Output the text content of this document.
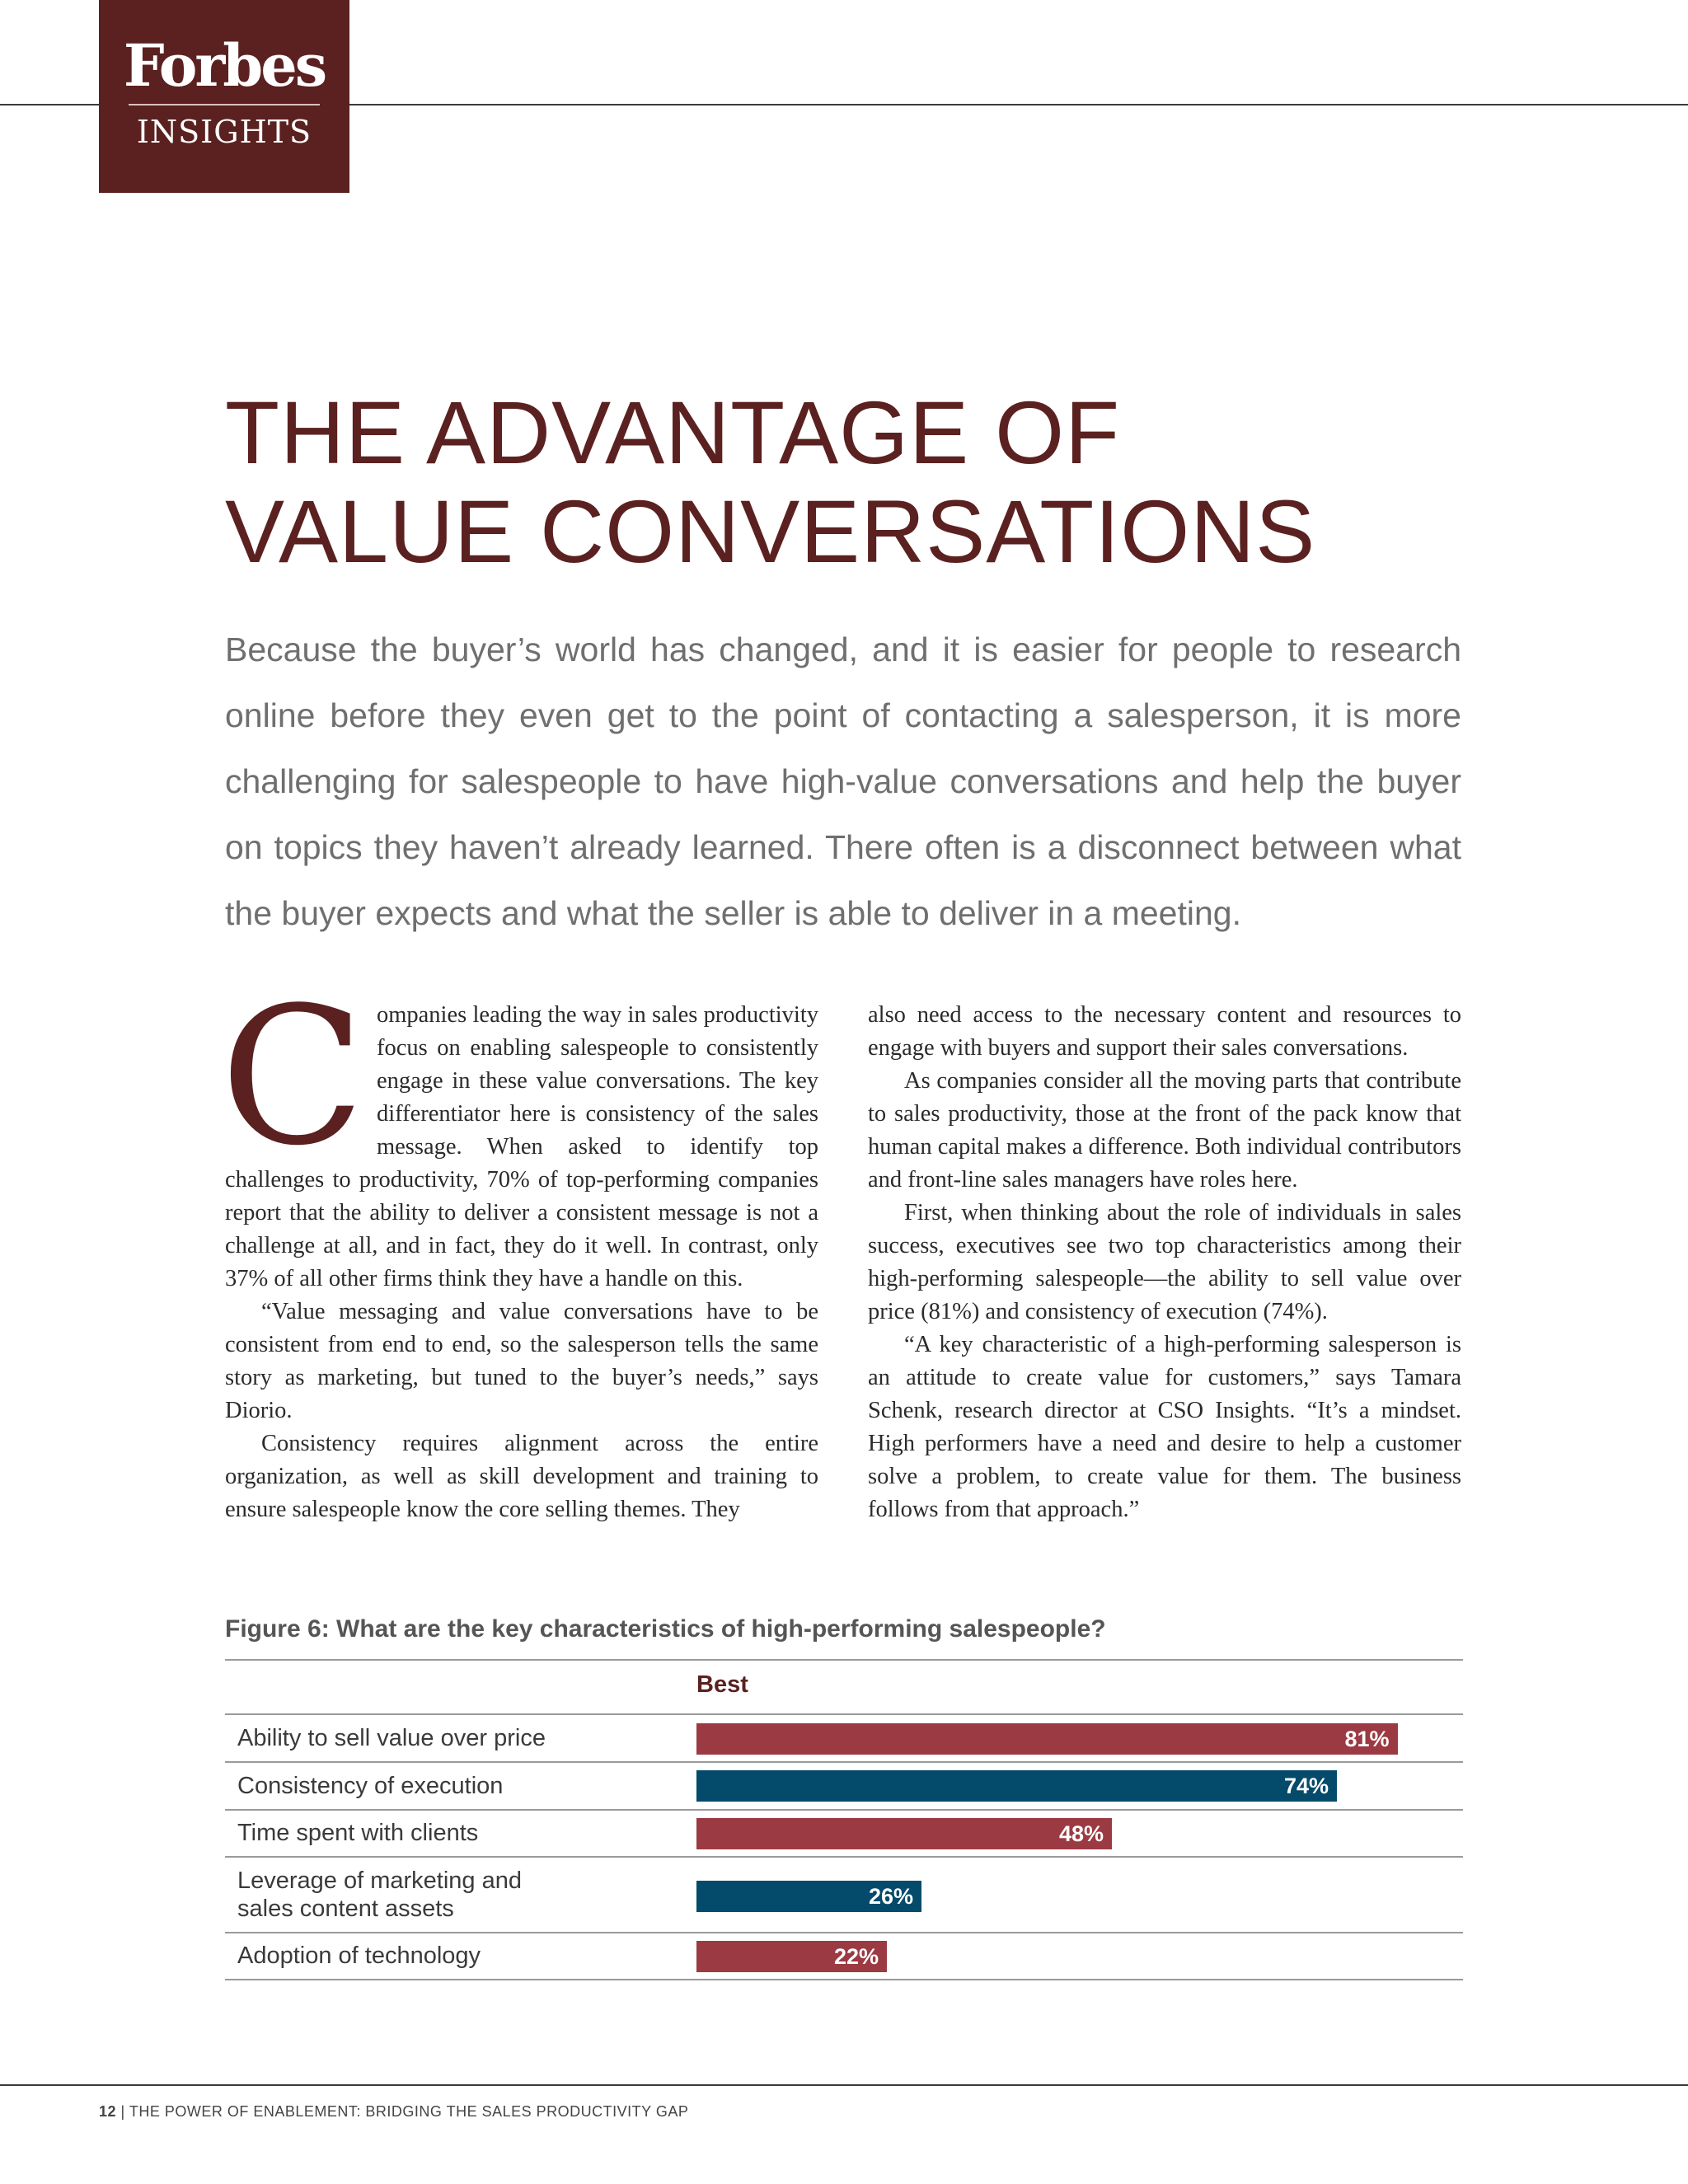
Forbes
INSIGHTS
THE ADVANTAGE OF
VALUE CONVERSATIONS

Because the buyer’s world has changed, and it is easier for people to research online before they even get to the point of contacting a salesperson, it is more challenging for salespeople to have high-value conversations and help the buyer on topics they haven’t already learned. There often is a disconnect between what the buyer expects and what the seller is able to deliver in a meeting.

Companies leading the way in sales productivity focus on enabling salespeople to consistently engage in these value conversations. The key differentiator here is consistency of the sales message. When asked to identify top challenges to productivity, 70% of top-performing companies report that the ability to deliver a consistent message is not a challenge at all, and in fact, they do it well. In contrast, only 37% of all other firms think they have a handle on this.

“Value messaging and value conversations have to be consistent from end to end, so the salesperson tells the same story as marketing, but tuned to the buyer’s needs,” says Diorio.

Consistency requires alignment across the entire organization, as well as skill development and training to ensure salespeople know the core selling themes. They

also need access to the necessary content and resources to engage with buyers and support their sales conversations.

As companies consider all the moving parts that contribute to sales productivity, those at the front of the pack know that human capital makes a difference. Both individual contributors and front-line sales managers have roles here.

First, when thinking about the role of individuals in sales success, executives see two top characteristics among their high-performing salespeople—the ability to sell value over price (81%) and consistency of execution (74%).

“A key characteristic of a high-performing salesperson is an attitude to create value for customers,” says Tamara Schenk, research director at CSO Insights. “It’s a mindset. High performers have a need and desire to help a customer solve a problem, to create value for them. The business follows from that approach.”

Figure 6: What are the key characteristics of high-performing salespeople?
Best
Ability to sell value over price	81%
Consistency of execution	74%
Time spent with clients	48%
Leverage of marketing and
sales content assets	26%
Adoption of technology	22%
12 | THE POWER OF ENABLEMENT: BRIDGING THE SALES PRODUCTIVITY GAP
